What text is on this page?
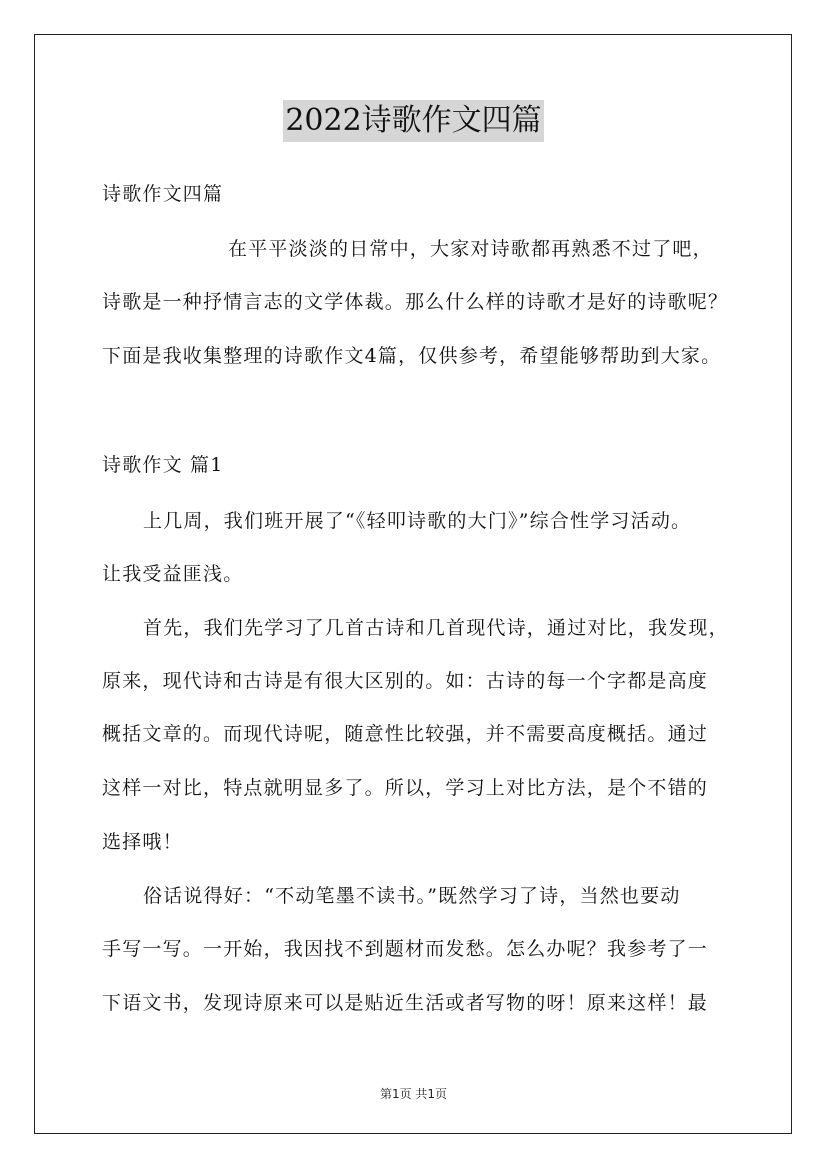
2022诗歌作文四篇
诗歌作文四篇
在平平淡淡的日常中，大家对诗歌都再熟悉不过了吧，
诗歌是一种抒情言志的文学体裁。那么什么样的诗歌才是好的诗歌呢？
下面是我收集整理的诗歌作文4篇，仅供参考，希望能够帮助到大家。
诗歌作文 篇1
上几周，我们班开展了“《轻叩诗歌的大门》”综合性学习活动。
让我受益匪浅。
首先，我们先学习了几首古诗和几首现代诗，通过对比，我发现，
原来，现代诗和古诗是有很大区别的。如：古诗的每一个字都是高度
概括文章的。而现代诗呢，随意性比较强，并不需要高度概括。通过
这样一对比，特点就明显多了。所以，学习上对比方法，是个不错的
选择哦！
俗话说得好：“不动笔墨不读书。”既然学习了诗，当然也要动
手写一写。一开始，我因找不到题材而发愁。怎么办呢？我参考了一
下语文书，发现诗原来可以是贴近生活或者写物的呀！原来这样！最
第1页 共1页
